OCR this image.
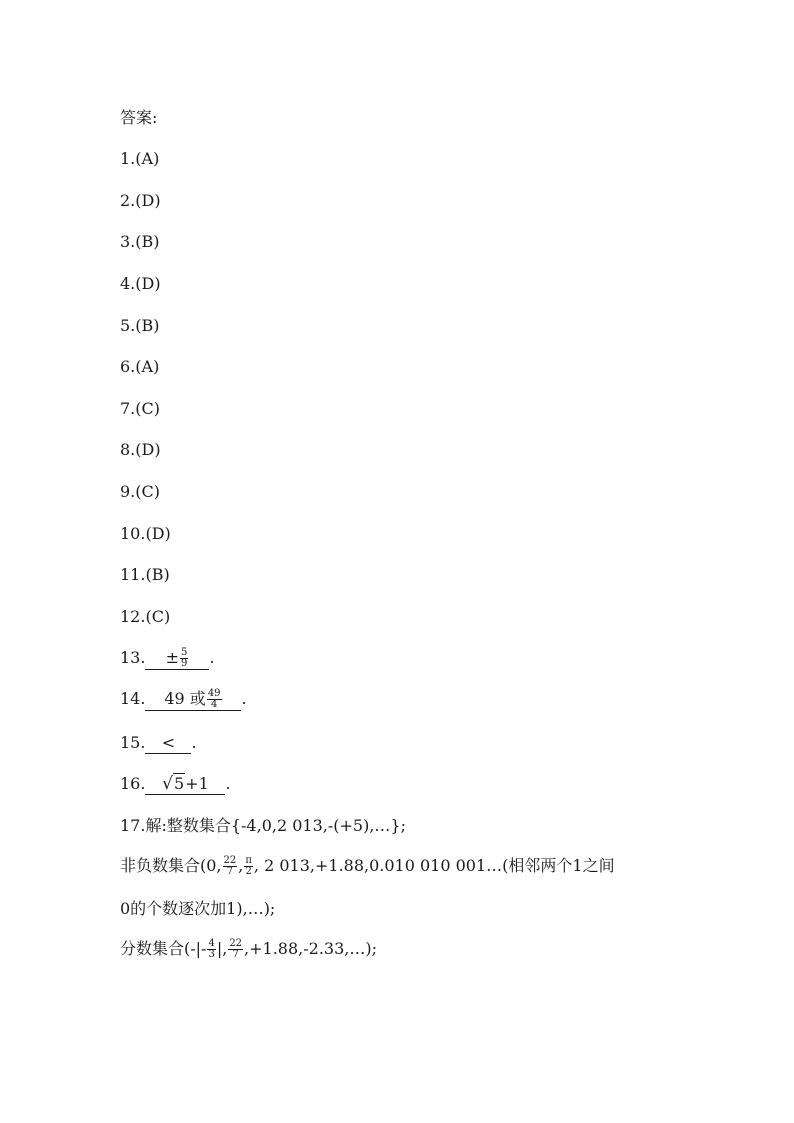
答案:
1.(A)
2.(D)
3.(B)
4.(D)
5.(B)
6.(A)
7.(C)
8.(D)
9.(C)
10.(D)
11.(B)
12.(C)
13. ± $\frac{5}{9}$ .
14. 49 或 $\frac{49}{4}$ .
15. < .
16. √5+1 .
17.解:整数集合{-4,0,2 013,-(+5),…};
非负数集合(0, $\frac{22}{7}$ , $\frac{\pi}{2}$ , 2 013,+1.88,0.010 010 001…(相邻两个1之间
0的个数逐次加1),…);
分数集合(-|- $\frac{4}{3}$ |, $\frac{22}{7}$ ,+1.88,-2.33,…);
